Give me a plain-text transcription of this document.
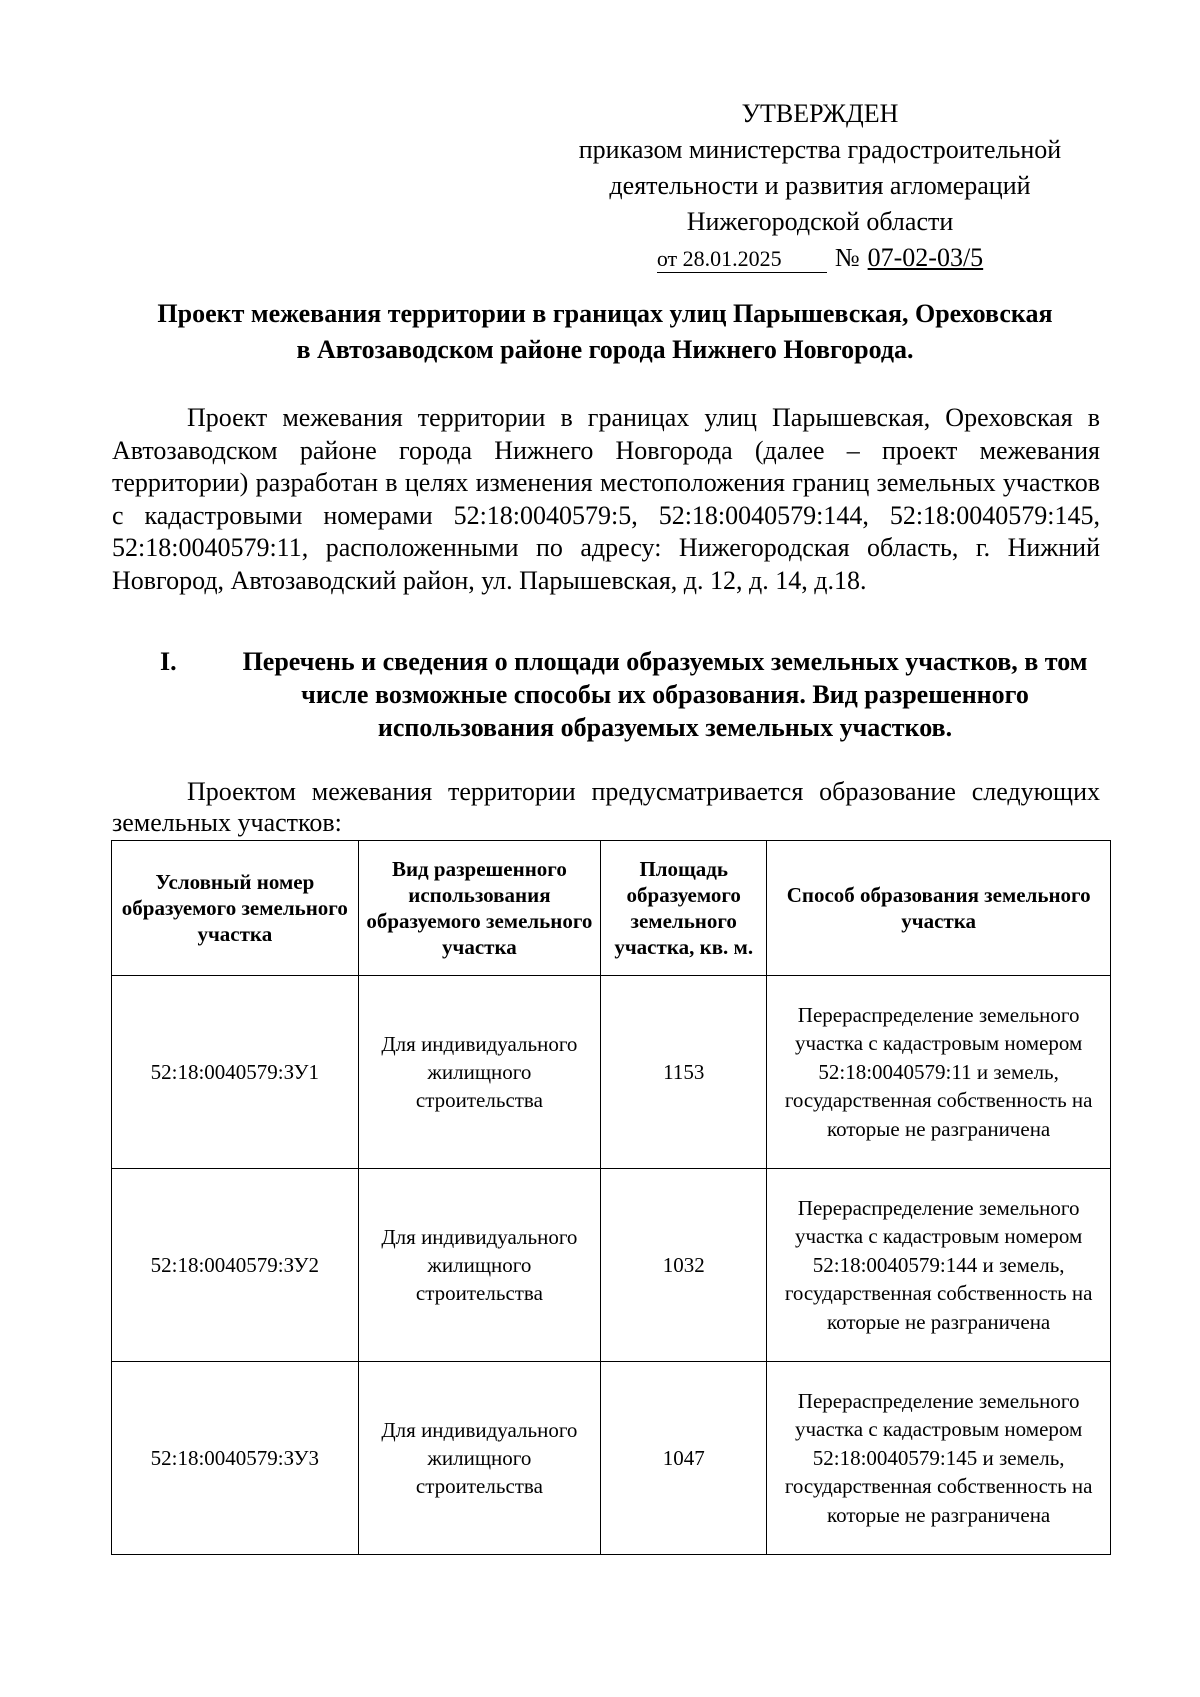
УТВЕРЖДЕН
приказом министерства градостроительной
деятельности и развития агломераций
Нижегородской области
от 28.01.2025	№ 07-02-03/5
Проект межевания территории в границах улиц Парышевская, Ореховская
в Автозаводском районе города Нижнего Новгорода.

Проект межевания территории в границах улиц Парышевская, Ореховская в Автозаводском районе города Нижнего Новгорода (далее – проект межевания территории) разработан в целях изменения местоположения границ земельных участков с кадастровыми номерами 52:18:0040579:5, 52:18:0040579:144, 52:18:0040579:145, 52:18:0040579:11, расположенными по адресу: Нижегородская область, г. Нижний Новгород, Автозаводский район, ул. Парышевская, д. 12, д. 14, д.18.

I.	Перечень и сведения о площади образуемых земельных участков, в том числе возможные способы их образования. Вид разрешенного использования образуемых земельных участков.

Проектом межевания территории предусматривается образование следующих земельных участков:

Условный номер образуемого земельного участка	Вид разрешенного использования образуемого земельного участка	Площадь образуемого земельного участка, кв. м.	Способ образования земельного участка
52:18:0040579:ЗУ1	Для индивидуального жилищного строительства	1153	Перераспределение земельного участка с кадастровым номером 52:18:0040579:11 и земель, государственная собственность на которые не разграничена
52:18:0040579:ЗУ2	Для индивидуального жилищного строительства	1032	Перераспределение земельного участка с кадастровым номером 52:18:0040579:144 и земель, государственная собственность на которые не разграничена
52:18:0040579:ЗУ3	Для индивидуального жилищного строительства	1047	Перераспределение земельного участка с кадастровым номером 52:18:0040579:145 и земель, государственная собственность на которые не разграничена
